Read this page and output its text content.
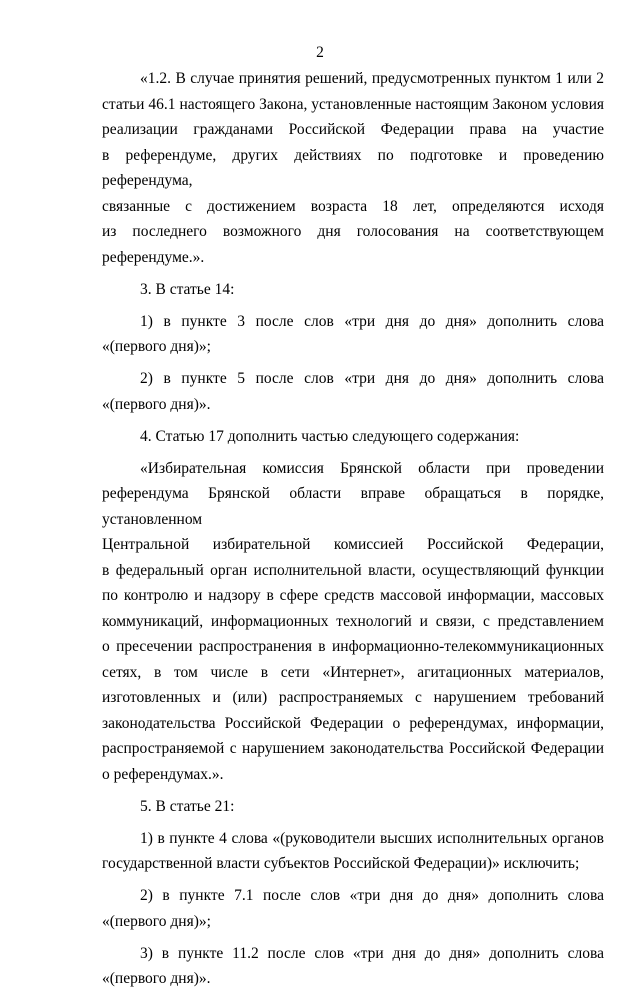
2
«1.2. В случае принятия решений, предусмотренных пунктом 1 или 2
статьи 46.1 настоящего Закона, установленные настоящим Законом условия
реализации гражданами Российской Федерации права на участие
в референдуме, других действиях по подготовке и проведению референдума,
связанные с достижением возраста 18 лет, определяются исходя
из последнего возможного дня голосования на соответствующем
референдуме.».
3. В статье 14:
1) в пункте 3 после слов «три дня до дня» дополнить слова
«(первого дня)»;
2) в пункте 5 после слов «три дня до дня» дополнить слова
«(первого дня)».
4. Статью 17 дополнить частью следующего содержания:
«Избирательная комиссия Брянской области при проведении
референдума Брянской области вправе обращаться в порядке, установленном
Центральной избирательной комиссией Российской Федерации,
в федеральный орган исполнительной власти, осуществляющий функции
по контролю и надзору в сфере средств массовой информации, массовых
коммуникаций, информационных технологий и связи, с представлением
о пресечении распространения в информационно-телекоммуникационных
сетях, в том числе в сети «Интернет», агитационных материалов,
изготовленных и (или) распространяемых с нарушением требований
законодательства Российской Федерации о референдумах, информации,
распространяемой с нарушением законодательства Российской Федерации
о референдумах.».
5. В статье 21:
1) в пункте 4 слова «(руководители высших исполнительных органов
государственной власти субъектов Российской Федерации)» исключить;
2) в пункте 7.1 после слов «три дня до дня» дополнить слова
«(первого дня)»;
3) в пункте 11.2 после слов «три дня до дня» дополнить слова
«(первого дня)».
